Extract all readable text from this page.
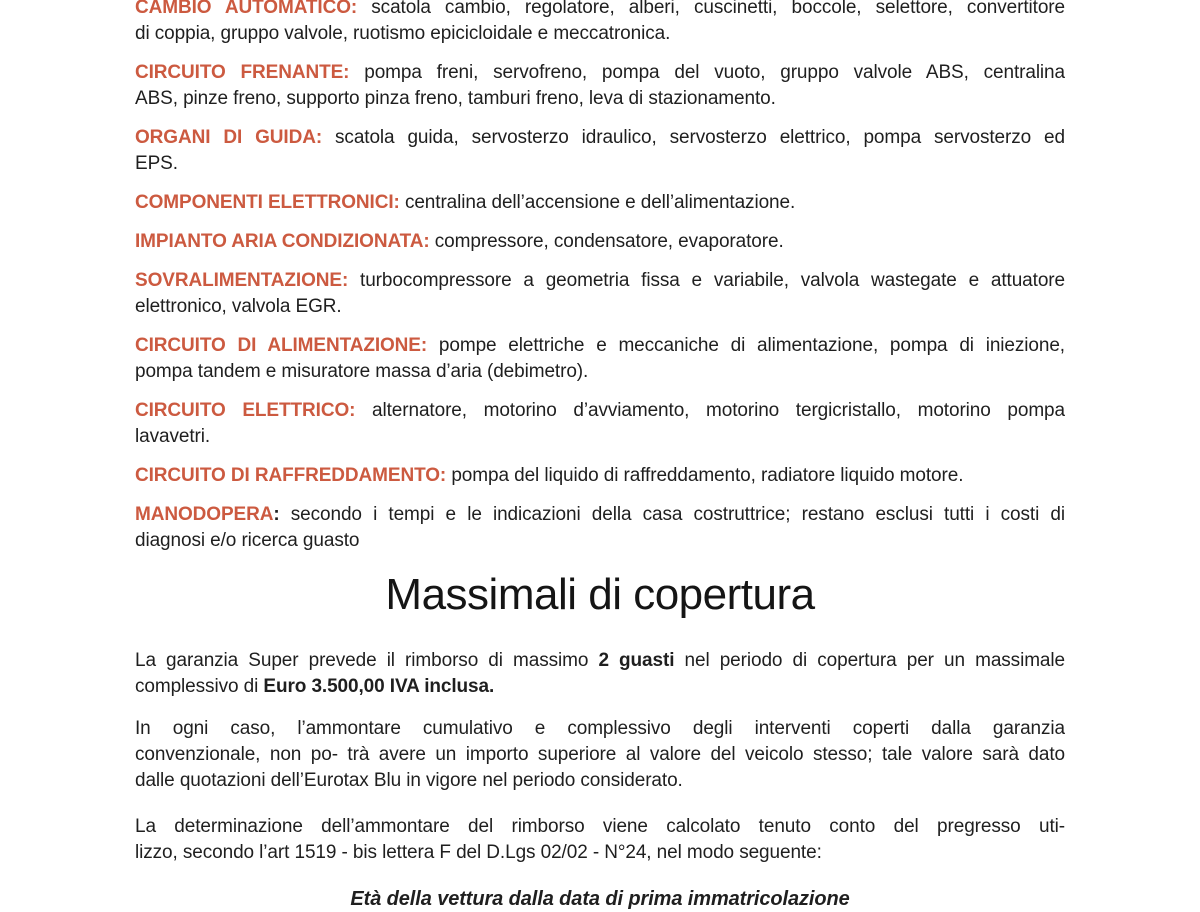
CAMBIO AUTOMATICO: scatola cambio, regolatore, alberi, cuscinetti, boccole, selettore, convertitore
di coppia, gruppo valvole, ruotismo epicicloidale e meccatronica.
CIRCUITO FRENANTE: pompa freni, servofreno, pompa del vuoto, gruppo valvole ABS, centralina
ABS, pinze freno, supporto pinza freno, tamburi freno, leva di stazionamento.
ORGANI DI GUIDA: scatola guida, servosterzo idraulico, servosterzo elettrico, pompa servosterzo ed
EPS.
COMPONENTI ELETTRONICI: centralina dell’accensione e dell’alimentazione.
IMPIANTO ARIA CONDIZIONATA: compressore, condensatore, evaporatore.
SOVRALIMENTAZIONE: turbocompressore a geometria fissa e variabile, valvola wastegate e attuatore
elettronico, valvola EGR.
CIRCUITO DI ALIMENTAZIONE: pompe elettriche e meccaniche di alimentazione, pompa di iniezione,
pompa tandem e misuratore massa d’aria (debimetro).
CIRCUITO ELETTRICO: alternatore, motorino d’avviamento, motorino tergicristallo, motorino pompa
lavavetri.
CIRCUITO DI RAFFREDDAMENTO: pompa del liquido di raffreddamento, radiatore liquido motore.
MANODOPERA: secondo i tempi e le indicazioni della casa costruttrice; restano esclusi tutti i costi di
diagnosi e/o ricerca guasto
Massimali di copertura
La garanzia Super prevede il rimborso di massimo 2 guasti nel periodo di copertura per un massimale
complessivo di Euro 3.500,00 IVA inclusa.
In ogni caso, l’ammontare cumulativo e complessivo degli interventi coperti dalla garanzia
convenzionale, non po- trà avere un importo superiore al valore del veicolo stesso; tale valore sarà dato
dalle quotazioni dell’Eurotax Blu in vigore nel periodo considerato.
La determinazione dell’ammontare del rimborso viene calcolato tenuto conto del pregresso uti-
lizzo, secondo l’art 1519 - bis lettera F del D.Lgs 02/02 - N°24, nel modo seguente:
Età della vettura dalla data di prima immatricolazione
